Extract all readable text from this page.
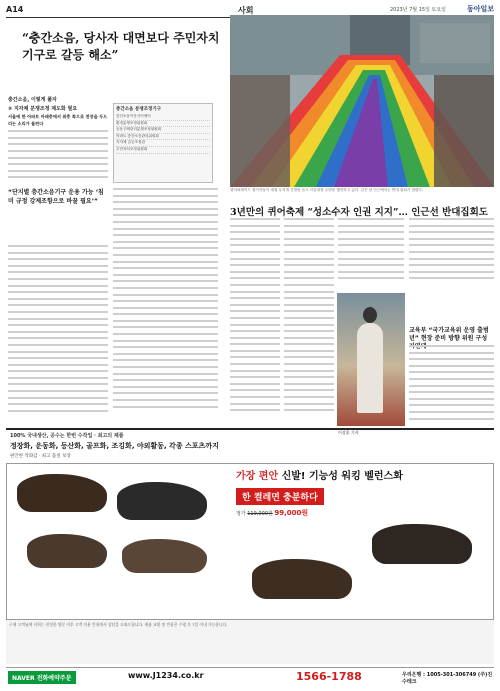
A14	사회	2023년 7월 15일 토요일	동아일보
“충간소음, 당사자 대면보다 주민자치기구로 갈등 해소”
충간소음, 이렇게 풀자
⑤ 지자체 분쟁조정 제도화 필요
서울에 한 아파트 아래층에서 위층 쪽으로 천장을 두드리는 소리가 들린다
층간소음 분쟁조정기구
층간소음이웃사이센터
환경분쟁조정위원회
공동주택관리분쟁조정위원회
아파트 층간소음관리위원회
지자체 갈등조정관
주민자치조정위원회
“단지별 층간소음기구 운용 가능 ‘침미 규정 강제조항으로 바꿀 필요’”
퀴어퍼레이드 참가자들이 대형 무지개 깃발을 들고 서울광장 주변을 행진하고 있다. 같은 날 인근에서는 반대 집회가 열렸다.
3년만의 퀴어축제 “성소수자 인권 지지”… 인근선 반대집회도
이상훈 기자
교육부 “국가교육위 운영 출범 년” 현장 준비 방향 위원 구성
100% 국내생산, 공수는 한번 수작업 · 최고의 제품
정장화, 운동화, 등산화, 골프화, 조깅화, 야외활동, 각종 스포츠까지
편안한 착화감 · 최고 품질 보장
가장 편안 신발! 기능성 워킹 벨런스화
한 켤레면 충분하다
정가 119,000원 99,000원
구매 고객님께 저희는 진정한 방문 이후 고객 이용 안내에서 상담을 도와드립니다. 제품 교환 및 반품은 수령 후 7일 이내 가능합니다.
NAVER 전화예약주문	www.J1234.co.kr	1566-1788	우리은행 : 1005-301-306749 (주)진수테크
